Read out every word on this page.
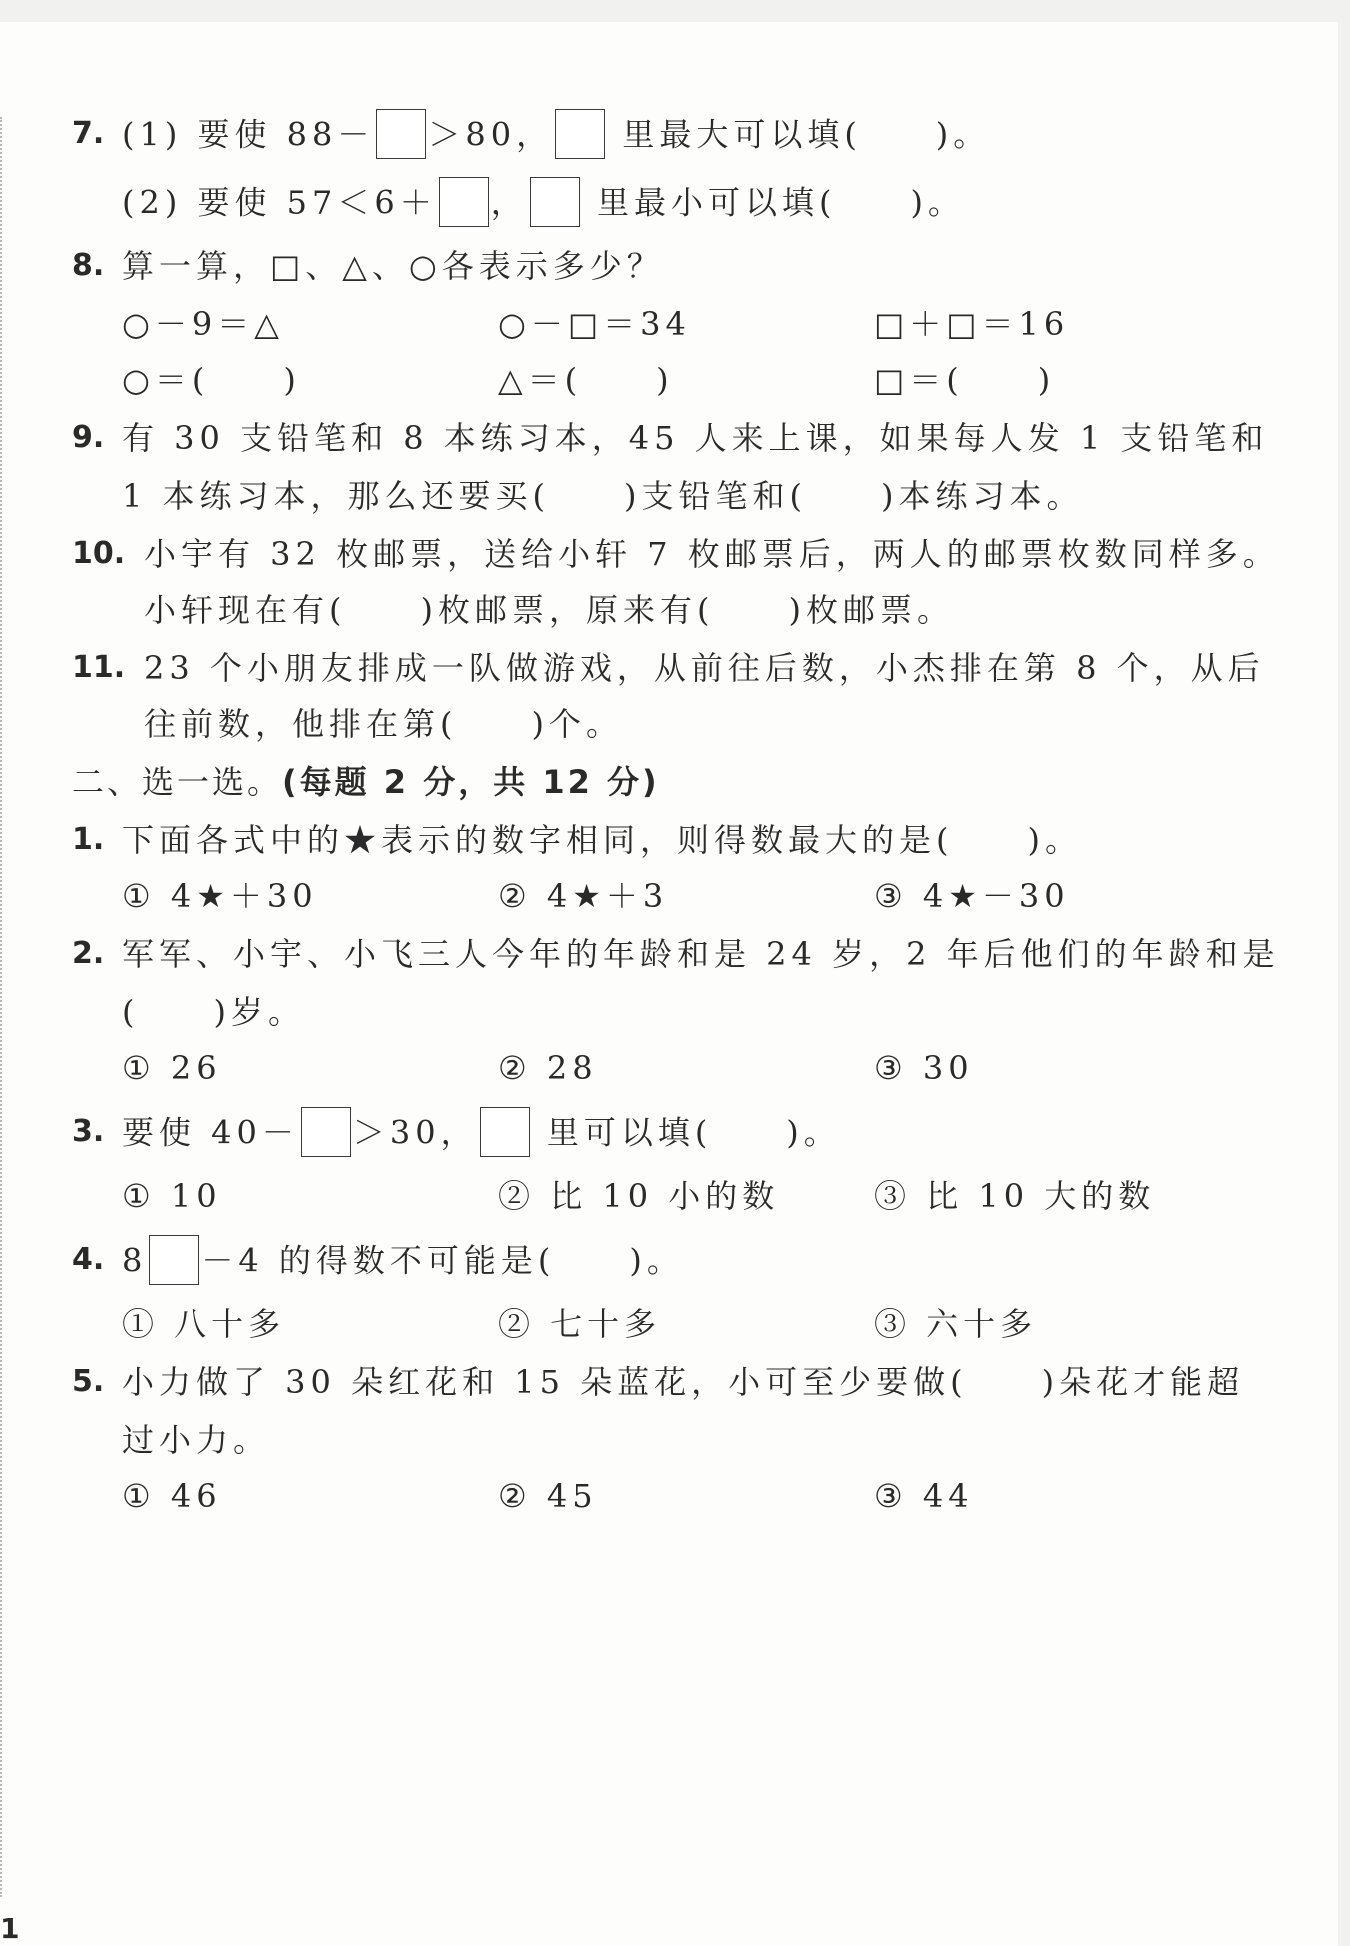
7. (1) 要使 88－ ＞80， 里最大可以填(　　)。
(2) 要使 57＜6＋ ， 里最小可以填(　　)。
8. 算一算，□、△、○各表示多少？
○－9＝△	○－□＝34	□＋□＝16
○＝(　　)	△＝(　　)	□＝(　　)
9. 有 30 支铅笔和 8 本练习本，45 人来上课，如果每人发 1 支铅笔和
1 本练习本，那么还要买(　　)支铅笔和(　　)本练习本。
10. 小宇有 32 枚邮票，送给小轩 7 枚邮票后，两人的邮票枚数同样多。
小轩现在有(　　)枚邮票，原来有(　　)枚邮票。
11. 23 个小朋友排成一队做游戏，从前往后数，小杰排在第 8 个，从后
往前数，他排在第(　　)个。
二、选一选。(每题 2 分，共 12 分)
1. 下面各式中的★表示的数字相同，则得数最大的是(　　)。
① 4★＋30	② 4★＋3	③ 4★－30
2. 军军、小宇、小飞三人今年的年龄和是 24 岁，2 年后他们的年龄和是
(　　)岁。
① 26	② 28	③ 30
3. 要使 40－ ＞30， 里可以填(　　)。
① 10	② 比 10 小的数	③ 比 10 大的数
4. 8 －4 的得数不可能是(　　)。
① 八十多	② 七十多	③ 六十多
5. 小力做了 30 朵红花和 15 朵蓝花，小可至少要做(　　)朵花才能超
过小力。
① 46	② 45	③ 44
1
